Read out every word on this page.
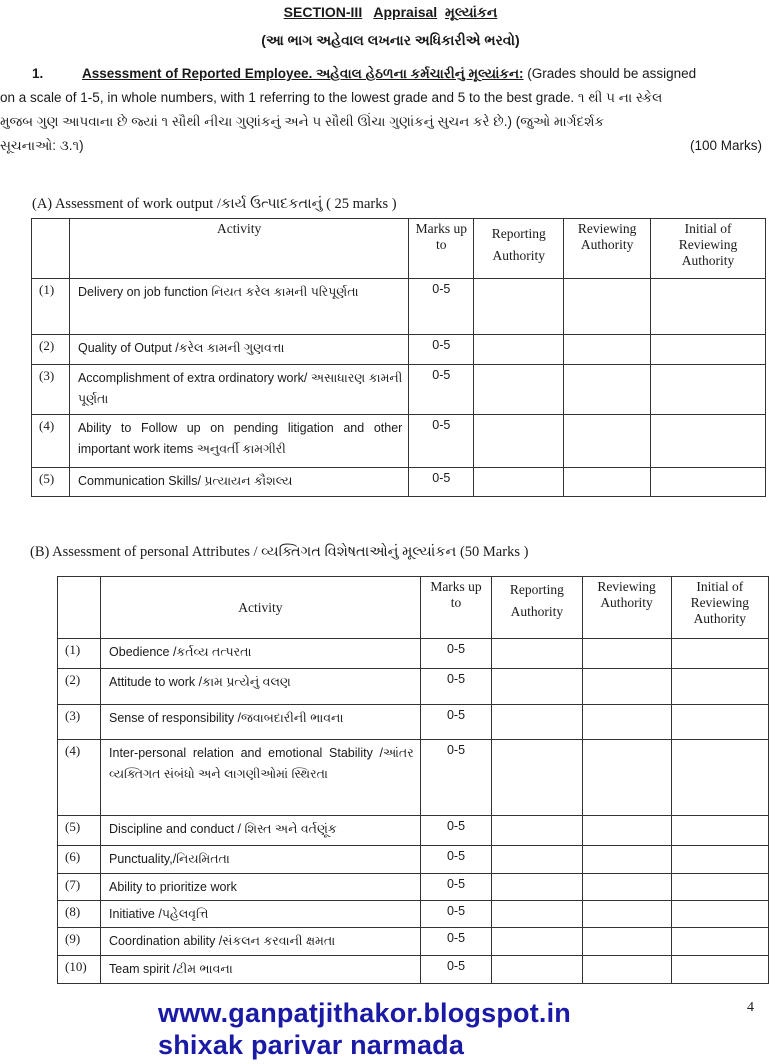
SECTION-III Appraisal મૂલ્યાંકન
(આ ભાગ અહેવાલ લખનાર અધિકારીએ ભરવો)
1.	Assessment of Reported Employee. અહેવાલ હેઠળના કર્મચારીનું મૂલ્યાંકન: (Grades should be assigned
on a scale of 1-5, in whole numbers, with 1 referring to the lowest grade and 5 to the best grade. ૧ થી ૫ ના સ્કેલ
મુજબ ગુણ આપવાના છે જ્યાં ૧ સૌથી નીચા ગુણાંકનું અને ૫ સૌથી ઊંચા ગુણાંકનું સુચન કરે છે.) (જુઓ માર્ગદર્શક
સૂચનાઓ: ૩.૧)	(100 Marks)
(A) Assessment of work output /કાર્ય ઉત્પાદકતાનું ( 25 marks )
	Activity	Marks up to	Reporting Authority	Reviewing Authority	Initial of Reviewing Authority
(1)	Delivery on job function નિયત કરેલ કામની પરિપૂર્ણતા	0-5			
(2)	Quality of Output /કરેલ કામની ગુણવત્તા	0-5			
(3)	Accomplishment of extra ordinatory work/ અસાધારણ કામની પૂર્ણતા	0-5			
(4)	Ability to Follow up on pending litigation and other important work items અનુવર્તી કામગીરી	0-5			
(5)	Communication Skills/ પ્રત્યાયન કૌશલ્ય	0-5			
(B) Assessment of personal Attributes / વ્યક્તિગત વિશેષતાઓનું મૂલ્યાંકન (50 Marks )
	Activity	Marks up to	Reporting Authority	Reviewing Authority	Initial of Reviewing Authority
(1)	Obedience /કર્તવ્ય તત્પરતા	0-5			
(2)	Attitude to work /કામ પ્રત્યેનું વલણ	0-5			
(3)	Sense of responsibility /જવાબદારીની ભાવના	0-5			
(4)	Inter-personal relation and emotional Stability /આંતર વ્યક્તિગત સંબંધો અને લાગણીઓમાં સ્થિરતા	0-5			
(5)	Discipline and conduct / શિસ્ત અને વર્તણૂંક	0-5			
(6)	Punctuality,/નિયમિતતા	0-5			
(7)	Ability to prioritize work	0-5			
(8)	Initiative /પહેલવૃત્તિ	0-5			
(9)	Coordination ability /સંકલન કરવાની ક્ષમતા	0-5			
(10)	Team spirit /ટીમ ભાવના	0-5			
www.ganpatjithakor.blogspot.in
shixak parivar narmada
4
